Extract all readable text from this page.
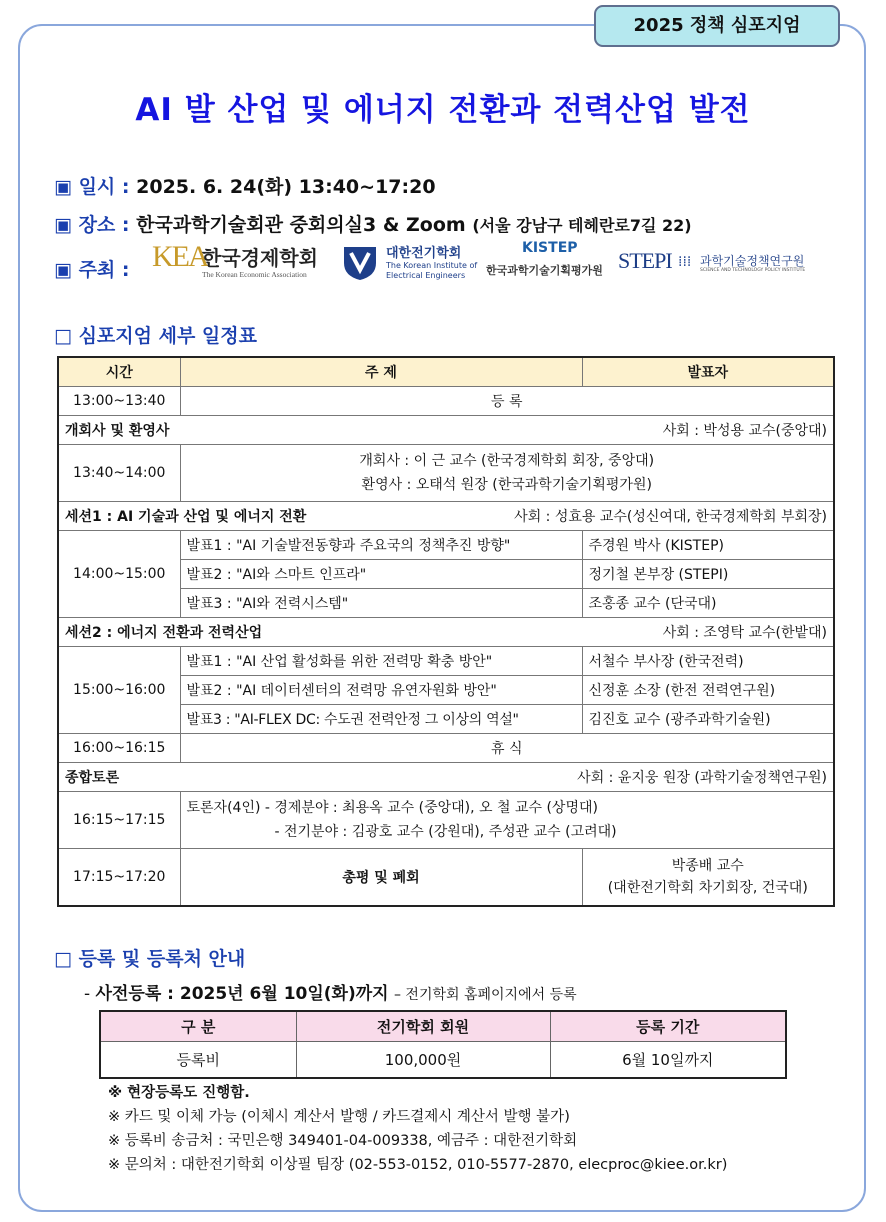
2025 정책 심포지엄
AI 발 산업 및 에너지 전환과 전력산업 발전
▣ 일시 : 2025. 6. 24(화) 13:40~17:20
▣ 장소 : 한국과학기술회관 중회의실3 & Zoom (서울 강남구 테헤란로7길 22)
▣ 주최 : KEA
한국경제학회
The Korean Economic Association
대한전기학회
The Korean Institute of
Electrical Engineers
KISTEP
한국과학기술기획평가원 STEPI ⁞⁞⁞ 과학기술정책연구원
SCIENCE AND TECHNOLOGY POLICY INSTITUTE
□ 심포지엄 세부 일정표
시간	주 제	발표자
13:00~13:40	등 록	

개회사 및 환영사 사회 : 박성용 교수(중앙대)		

13:40~14:00	개회사 : 이 근 교수 (한국경제학회 회장, 중앙대)
환영사 : 오태석 원장 (한국과학기술기획평가원)	

세션1 : AI 기술과 산업 및 에너지 전환 사회 : 성효용 교수(성신여대, 한국경제학회 부회장)		

14:00~15:00	발표1 : "AI 기술발전동향과 주요국의 정책추진 방향"	주경원 박사 (KISTEP)
	발표2 : "AI와 스마트 인프라"	정기철 본부장 (STEPI)
	발표3 : "AI와 전력시스템"	조홍종 교수 (단국대)

세션2 : 에너지 전환과 전력산업 사회 : 조영탁 교수(한밭대)		

15:00~16:00	발표1 : "AI 산업 활성화를 위한 전력망 확충 방안"	서철수 부사장 (한국전력)
	발표2 : "AI 데이터센터의 전력망 유연자원화 방안"	신정훈 소장 (한전 전력연구원)
	발표3 : "AI-FLEX DC: 수도권 전력안정 그 이상의 역설"	김진호 교수 (광주과학기술원)
16:00~16:15	휴 식	

종합토론 사회 : 윤지웅 원장 (과학기술정책연구원)		

16:15~17:15	토론자(4인) - 경제분야 : 최용옥 교수 (중앙대), 오 철 교수 (상명대)
- 전기분야 : 김광호 교수 (강원대), 주성관 교수 (고려대)	

17:15~17:20	총평 및 폐회	박종배 교수
(대한전기학회 차기회장, 건국대)
□ 등록 및 등록처 안내
- 사전등록 : 2025년 6월 10일(화)까지 – 전기학회 홈페이지에서 등록
구 분	전기학회 회원	등록 기간
등록비	100,000원	6월 10일까지
※ 현장등록도 진행함.
※ 카드 및 이체 가능 (이체시 계산서 발행 / 카드결제시 계산서 발행 불가)
※ 등록비 송금처 : 국민은행 349401-04-009338, 예금주 : 대한전기학회
※ 문의처 : 대한전기학회 이상필 팀장 (02-553-0152, 010-5577-2870, elecproc@kiee.or.kr)
